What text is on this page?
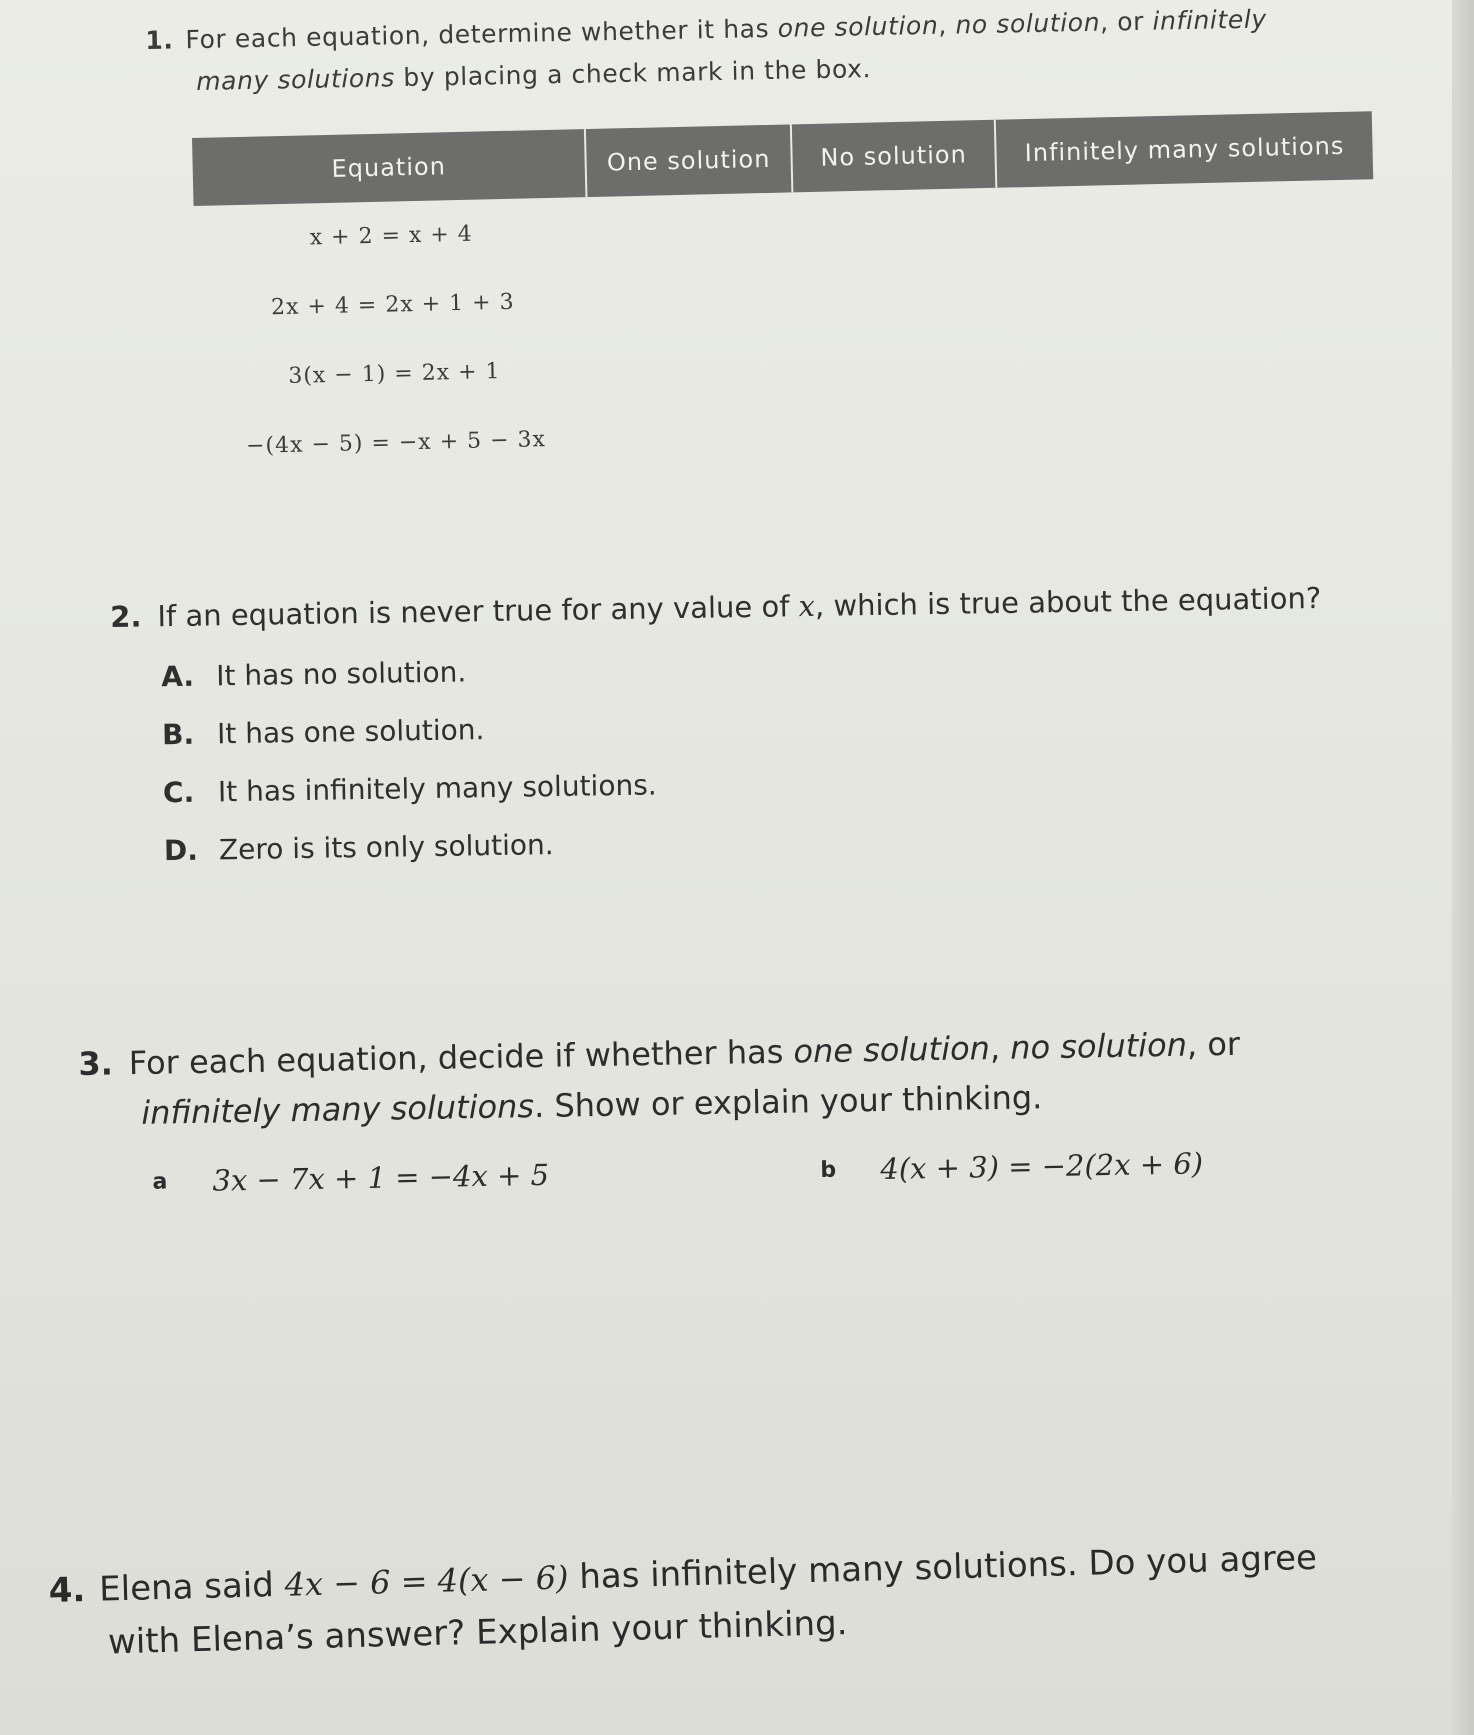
1. For each equation, determine whether it has one solution, no solution, or infinitely
many solutions by placing a check mark in the box.
Equation	One solution	No solution	Infinitely many solutions
x + 2 = x + 4
2x + 4 = 2x + 1 + 3
3(x − 1) = 2x + 1
−(4x − 5) = −x + 5 − 3x
2. If an equation is never true for any value of x, which is true about the equation?
A. It has no solution.
B. It has one solution.
C. It has infinitely many solutions.
D. Zero is its only solution.
3. For each equation, decide if whether has one solution, no solution, or
infinitely many solutions. Show or explain your thinking.
a	3x − 7x + 1 = −4x + 5	b	4(x + 3) = −2(2x + 6)
4. Elena said 4x − 6 = 4(x − 6) has infinitely many solutions. Do you agree
with Elena’s answer? Explain your thinking.
